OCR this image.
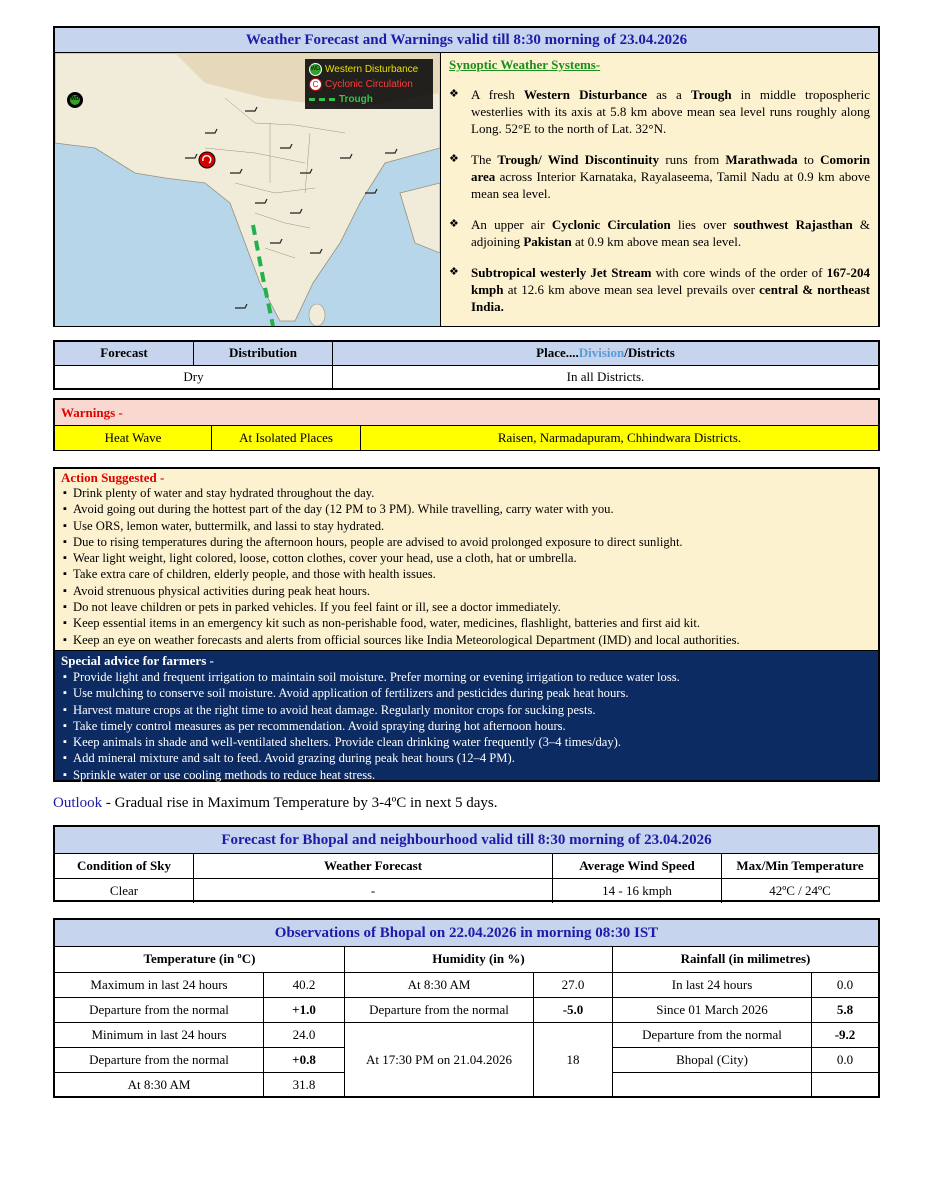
Weather Forecast and Warnings valid till 8:30 morning of 23.04.2026
WD Western Disturbance
C Cyclonic Circulation
Trough
WD
Synoptic Weather Systems-
❖ A fresh Western Disturbance as a Trough in middle tropospheric westerlies with its axis at 5.8 km above mean sea level runs roughly along Long. 52°E to the north of Lat. 32°N.
❖ The Trough/ Wind Discontinuity runs from Marathwada to Comorin area across Interior Karnataka, Rayalaseema, Tamil Nadu at 0.9 km above mean sea level.
❖ An upper air Cyclonic Circulation lies over southwest Rajasthan & adjoining Pakistan at 0.9 km above mean sea level.
❖ Subtropical westerly Jet Stream with core winds of the order of 167-204 kmph at 12.6 km above mean sea level prevails over central & northeast India.
Forecast	Distribution	Place....Division/Districts
Dry		In all Districts.
Warnings -
Heat Wave	At Isolated Places	Raisen, Narmadapuram, Chhindwara Districts.
Action Suggested -
▪ Drink plenty of water and stay hydrated throughout the day.
▪ Avoid going out during the hottest part of the day (12 PM to 3 PM). While travelling, carry water with you.
▪ Use ORS, lemon water, buttermilk, and lassi to stay hydrated.
▪ Due to rising temperatures during the afternoon hours, people are advised to avoid prolonged exposure to direct sunlight.
▪ Wear light weight, light colored, loose, cotton clothes, cover your head, use a cloth, hat or umbrella.
▪ Take extra care of children, elderly people, and those with health issues.
▪ Avoid strenuous physical activities during peak heat hours.
▪ Do not leave children or pets in parked vehicles. If you feel faint or ill, see a doctor immediately.
▪ Keep essential items in an emergency kit such as non-perishable food, water, medicines, flashlight, batteries and first aid kit.
▪ Keep an eye on weather forecasts and alerts from official sources like India Meteorological Department (IMD) and local authorities.
Special advice for farmers -
▪ Provide light and frequent irrigation to maintain soil moisture. Prefer morning or evening irrigation to reduce water loss.
▪ Use mulching to conserve soil moisture. Avoid application of fertilizers and pesticides during peak heat hours.
▪ Harvest mature crops at the right time to avoid heat damage. Regularly monitor crops for sucking pests.
▪ Take timely control measures as per recommendation. Avoid spraying during hot afternoon hours.
▪ Keep animals in shade and well-ventilated shelters. Provide clean drinking water frequently (3–4 times/day).
▪ Add mineral mixture and salt to feed. Avoid grazing during peak heat hours (12–4 PM).
▪ Sprinkle water or use cooling methods to reduce heat stress.
Outlook - Gradual rise in Maximum Temperature by 3-4ºC in next 5 days.
Forecast for Bhopal and neighbourhood valid till 8:30 morning of 23.04.2026
Condition of Sky	Weather Forecast	Average Wind Speed	Max/Min Temperature
Clear	-	14 - 16 kmph	42ºC / 24ºC
Observations of Bhopal on 22.04.2026 in morning 08:30 IST
Temperature (in ºC)		Humidity (in %)		Rainfall (in milimetres)	
Maximum in last 24 hours	40.2	At 8:30 AM	27.0	In last 24 hours	0.0
Departure from the normal	+1.0	Departure from the normal	-5.0	Since 01 March 2026	5.8
Minimum in last 24 hours	24.0	At 17:30 PM on 21.04.2026	18	Departure from the normal	-9.2
Departure from the normal	+0.8			Bhopal (City)	0.0
At 8:30 AM	31.8				
